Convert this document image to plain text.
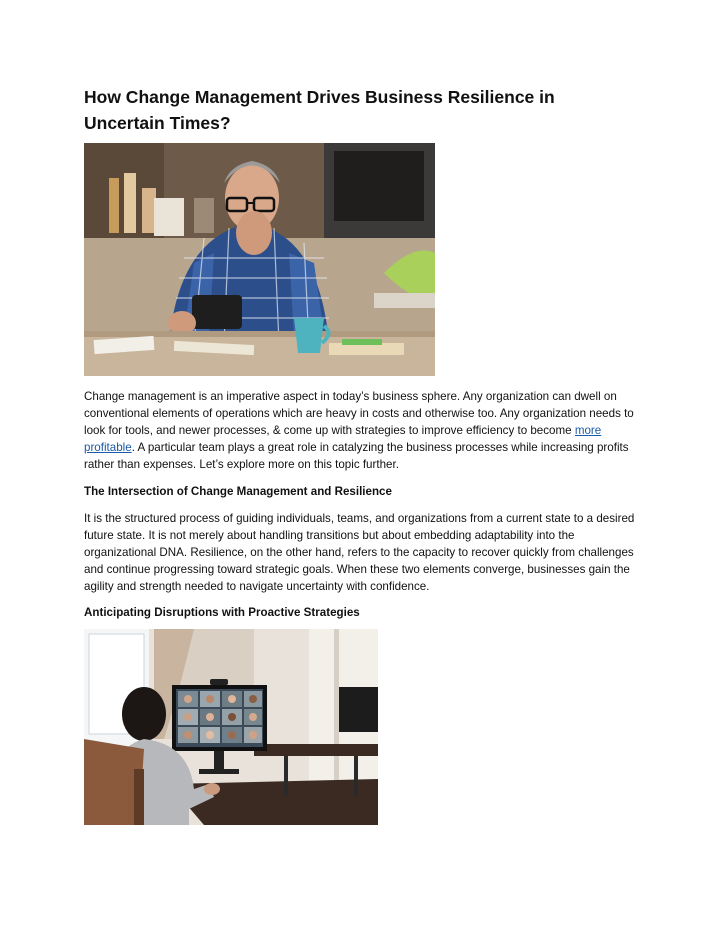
How Change Management Drives Business Resilience in Uncertain Times?

Change management is an imperative aspect in today’s business sphere. Any organization can dwell on conventional elements of operations which are heavy in costs and otherwise too. Any organization needs to look for tools, and newer processes, & come up with strategies to improve efficiency to become more profitable. A particular team plays a great role in catalyzing the business processes while increasing profits rather than expenses. Let’s explore more on this topic further.

The Intersection of Change Management and Resilience

It is the structured process of guiding individuals, teams, and organizations from a current state to a desired future state. It is not merely about handling transitions but about embedding adaptability into the organizational DNA. Resilience, on the other hand, refers to the capacity to recover quickly from challenges and continue progressing toward strategic goals. When these two elements converge, businesses gain the agility and strength needed to navigate uncertainty with confidence.

Anticipating Disruptions with Proactive Strategies
